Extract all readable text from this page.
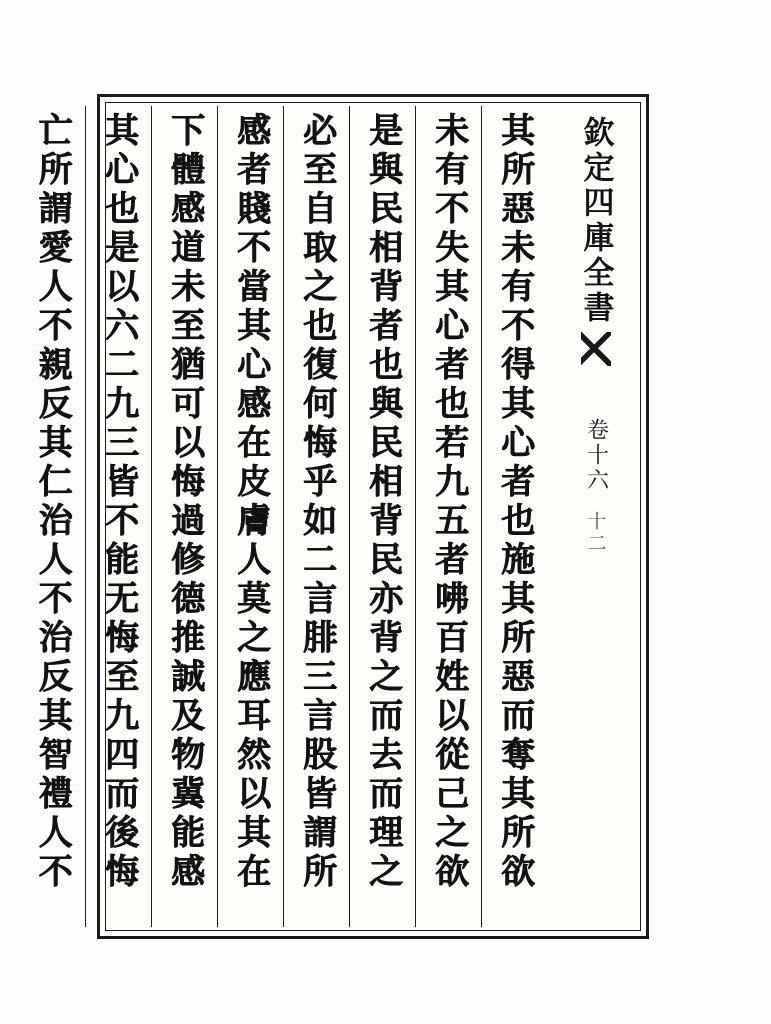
欽定四庫全書
卷十六
十二
其所惡未有不得其心者也施其所惡而奪其所欲
未有不失其心者也若九五者咈百姓以從己之欲
是與民相背者也與民相背民亦背之而去而理之
必至自取之也復何悔乎如二言腓三言股皆謂所
感者賤不當其心感在皮膚人莫之應耳然以其在
下體感道未至猶可以悔過修德推誠及物冀能感
其心也是以六二九三皆不能无悔至九四而後悔
亡所謂愛人不親反其仁治人不治反其智禮人不
